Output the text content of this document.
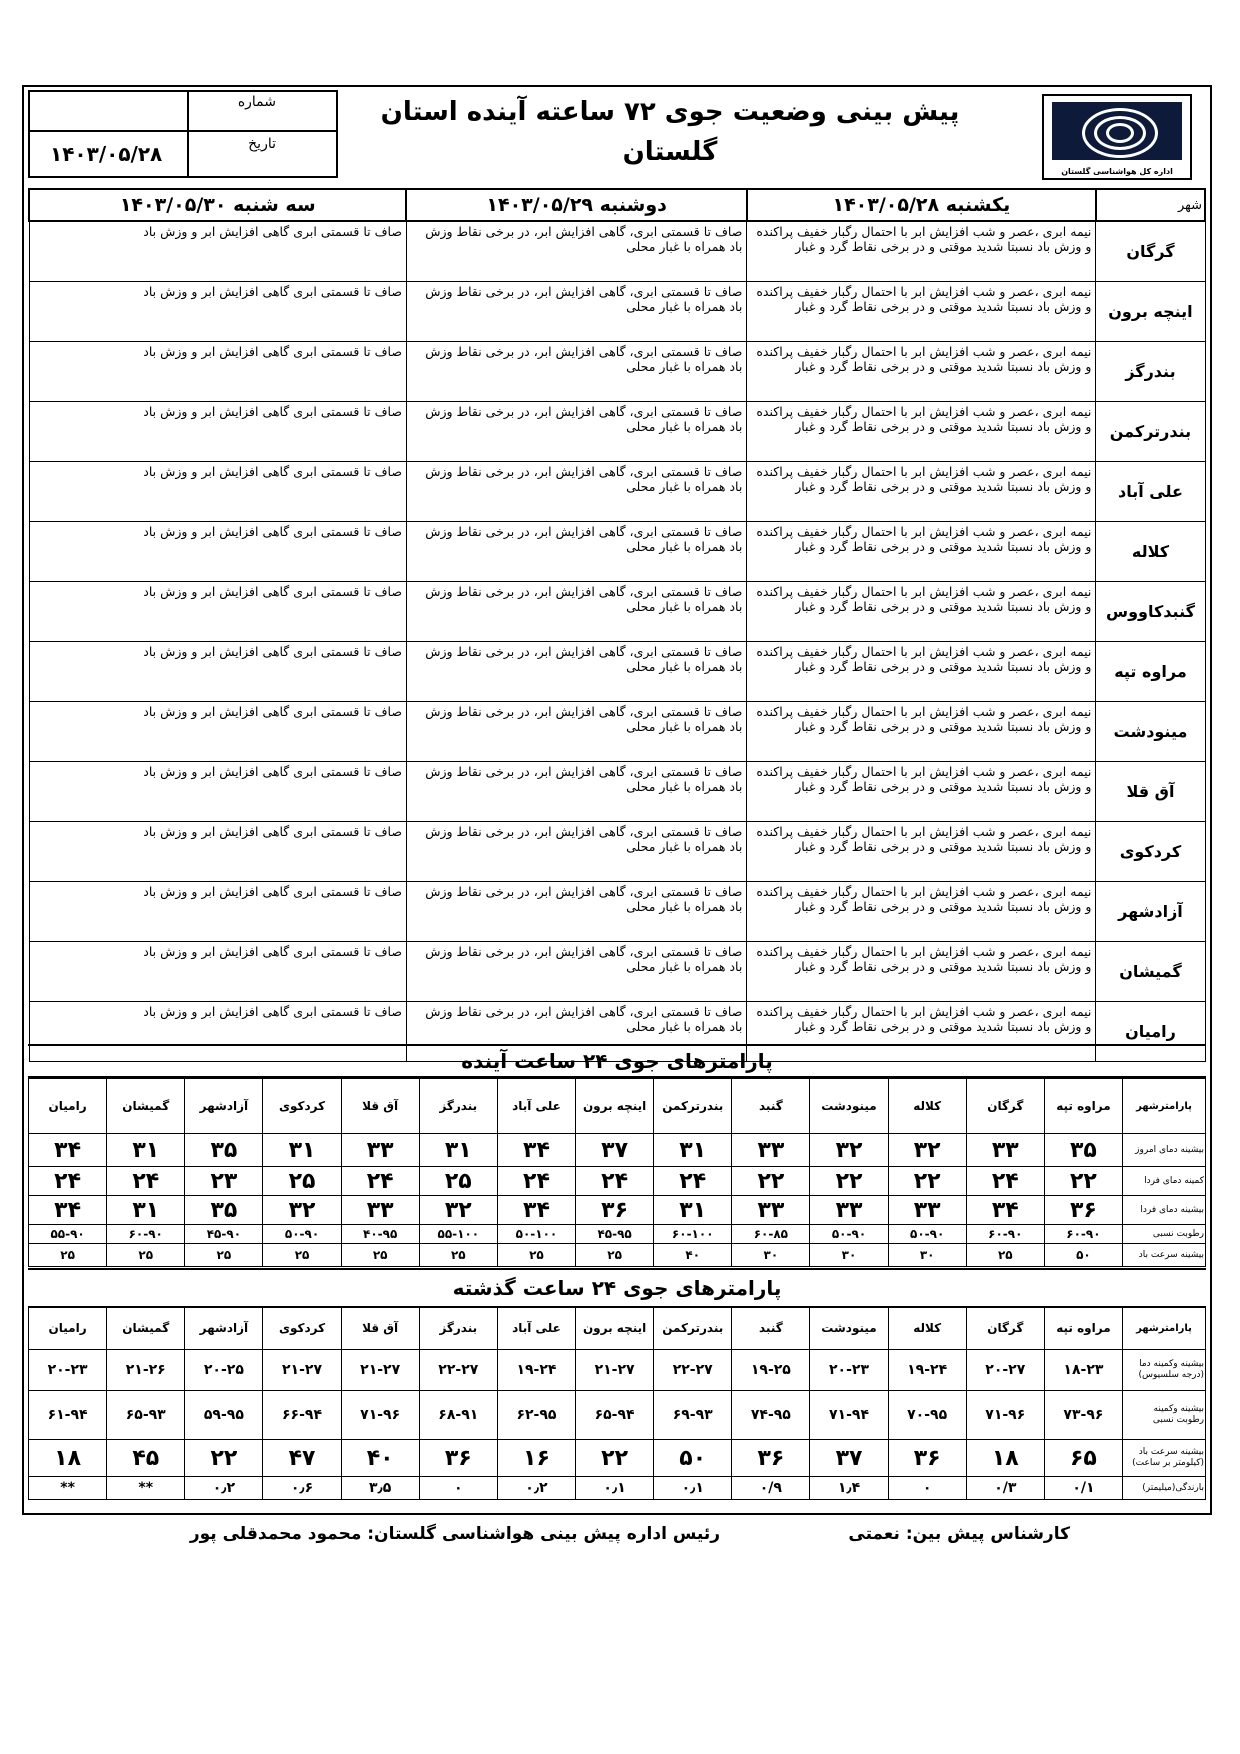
اداره کل هواشناسی گلستان
پیش بینی وضعیت جوی ۷۲ ساعته آینده استان گلستان
شماره
تاریخ
۱۴۰۳/۰۵/۲۸
شهر	یکشنبه ۱۴۰۳/۰۵/۲۸	دوشنبه ۱۴۰۳/۰۵/۲۹	سه شنبه ۱۴۰۳/۰۵/۳۰
گرگان	نیمه ابری ،عصر و شب افزایش ابر با احتمال رگبار خفیف پراکنده و وزش باد نسبتا شدید موقتی و در برخی نقاط گرد و غبار	صاف تا قسمتی ابری، گاهی افزایش ابر، در برخی نقاط وزش باد همراه با غبار محلی	صاف تا قسمتی ابری گاهی افزایش ابر و وزش باد
اینچه برون	نیمه ابری ،عصر و شب افزایش ابر با احتمال رگبار خفیف پراکنده و وزش باد نسبتا شدید موقتی و در برخی نقاط گرد و غبار	صاف تا قسمتی ابری، گاهی افزایش ابر، در برخی نقاط وزش باد همراه با غبار محلی	صاف تا قسمتی ابری گاهی افزایش ابر و وزش باد
بندرگز	نیمه ابری ،عصر و شب افزایش ابر با احتمال رگبار خفیف پراکنده و وزش باد نسبتا شدید موقتی و در برخی نقاط گرد و غبار	صاف تا قسمتی ابری، گاهی افزایش ابر، در برخی نقاط وزش باد همراه با غبار محلی	صاف تا قسمتی ابری گاهی افزایش ابر و وزش باد
بندرترکمن	نیمه ابری ،عصر و شب افزایش ابر با احتمال رگبار خفیف پراکنده و وزش باد نسبتا شدید موقتی و در برخی نقاط گرد و غبار	صاف تا قسمتی ابری، گاهی افزایش ابر، در برخی نقاط وزش باد همراه با غبار محلی	صاف تا قسمتی ابری گاهی افزایش ابر و وزش باد
علی آباد	نیمه ابری ،عصر و شب افزایش ابر با احتمال رگبار خفیف پراکنده و وزش باد نسبتا شدید موقتی و در برخی نقاط گرد و غبار	صاف تا قسمتی ابری، گاهی افزایش ابر، در برخی نقاط وزش باد همراه با غبار محلی	صاف تا قسمتی ابری گاهی افزایش ابر و وزش باد
کلاله	نیمه ابری ،عصر و شب افزایش ابر با احتمال رگبار خفیف پراکنده و وزش باد نسبتا شدید موقتی و در برخی نقاط گرد و غبار	صاف تا قسمتی ابری، گاهی افزایش ابر، در برخی نقاط وزش باد همراه با غبار محلی	صاف تا قسمتی ابری گاهی افزایش ابر و وزش باد
گنبدکاووس	نیمه ابری ،عصر و شب افزایش ابر با احتمال رگبار خفیف پراکنده و وزش باد نسبتا شدید موقتی و در برخی نقاط گرد و غبار	صاف تا قسمتی ابری، گاهی افزایش ابر، در برخی نقاط وزش باد همراه با غبار محلی	صاف تا قسمتی ابری گاهی افزایش ابر و وزش باد
مراوه تپه	نیمه ابری ،عصر و شب افزایش ابر با احتمال رگبار خفیف پراکنده و وزش باد نسبتا شدید موقتی و در برخی نقاط گرد و غبار	صاف تا قسمتی ابری، گاهی افزایش ابر، در برخی نقاط وزش باد همراه با غبار محلی	صاف تا قسمتی ابری گاهی افزایش ابر و وزش باد
مینودشت	نیمه ابری ،عصر و شب افزایش ابر با احتمال رگبار خفیف پراکنده و وزش باد نسبتا شدید موقتی و در برخی نقاط گرد و غبار	صاف تا قسمتی ابری، گاهی افزایش ابر، در برخی نقاط وزش باد همراه با غبار محلی	صاف تا قسمتی ابری گاهی افزایش ابر و وزش باد
آق قلا	نیمه ابری ،عصر و شب افزایش ابر با احتمال رگبار خفیف پراکنده و وزش باد نسبتا شدید موقتی و در برخی نقاط گرد و غبار	صاف تا قسمتی ابری، گاهی افزایش ابر، در برخی نقاط وزش باد همراه با غبار محلی	صاف تا قسمتی ابری گاهی افزایش ابر و وزش باد
کردکوی	نیمه ابری ،عصر و شب افزایش ابر با احتمال رگبار خفیف پراکنده و وزش باد نسبتا شدید موقتی و در برخی نقاط گرد و غبار	صاف تا قسمتی ابری، گاهی افزایش ابر، در برخی نقاط وزش باد همراه با غبار محلی	صاف تا قسمتی ابری گاهی افزایش ابر و وزش باد
آزادشهر	نیمه ابری ،عصر و شب افزایش ابر با احتمال رگبار خفیف پراکنده و وزش باد نسبتا شدید موقتی و در برخی نقاط گرد و غبار	صاف تا قسمتی ابری، گاهی افزایش ابر، در برخی نقاط وزش باد همراه با غبار محلی	صاف تا قسمتی ابری گاهی افزایش ابر و وزش باد
گمیشان	نیمه ابری ،عصر و شب افزایش ابر با احتمال رگبار خفیف پراکنده و وزش باد نسبتا شدید موقتی و در برخی نقاط گرد و غبار	صاف تا قسمتی ابری، گاهی افزایش ابر، در برخی نقاط وزش باد همراه با غبار محلی	صاف تا قسمتی ابری گاهی افزایش ابر و وزش باد
رامیان	نیمه ابری ،عصر و شب افزایش ابر با احتمال رگبار خفیف پراکنده و وزش باد نسبتا شدید موقتی و در برخی نقاط گرد و غبار	صاف تا قسمتی ابری، گاهی افزایش ابر، در برخی نقاط وزش باد همراه با غبار محلی	صاف تا قسمتی ابری گاهی افزایش ابر و وزش باد
پارامترهای جوی ۲۴ ساعت آینده
پارامترشهر	مراوه تپه	گرگان	کلاله	مینودشت	گنبد	بندرترکمن	اینچه برون	علی آباد	بندرگز	آق قلا	کردکوی	آزادشهر	گمیشان	رامیان
بیشینه دمای امروز	۳۵	۳۳	۳۲	۳۲	۳۳	۳۱	۳۷	۳۴	۳۱	۳۳	۳۱	۳۵	۳۱	۳۴
کمینه دمای فردا	۲۲	۲۴	۲۲	۲۲	۲۲	۲۴	۲۴	۲۴	۲۵	۲۴	۲۵	۲۳	۲۴	۲۴
بیشینه دمای فردا	۳۶	۳۴	۳۳	۳۳	۳۳	۳۱	۳۶	۳۴	۳۲	۳۳	۳۲	۳۵	۳۱	۳۴
رطوبت نسبی	۶۰-۹۰	۶۰-۹۰	۵۰-۹۰	۵۰-۹۰	۶۰-۸۵	۶۰-۱۰۰	۴۵-۹۵	۵۰-۱۰۰	۵۵-۱۰۰	۴۰-۹۵	۵۰-۹۰	۴۵-۹۰	۶۰-۹۰	۵۵-۹۰
بیشینه سرعت باد	۵۰	۲۵	۳۰	۳۰	۳۰	۴۰	۲۵	۲۵	۲۵	۲۵	۲۵	۲۵	۲۵	۲۵
پارامترهای جوی ۲۴ ساعت گذشته
پارامترشهر	مراوه تپه	گرگان	کلاله	مینودشت	گنبد	بندرترکمن	اینچه برون	علی آباد	بندرگز	آق قلا	کردکوی	آزادشهر	گمیشان	رامیان
بیشینه وکمینه دما (درجه سلسیوس)	۱۸-۲۳	۲۰-۲۷	۱۹-۲۴	۲۰-۲۳	۱۹-۲۵	۲۲-۲۷	۲۱-۲۷	۱۹-۲۴	۲۲-۲۷	۲۱-۲۷	۲۱-۲۷	۲۰-۲۵	۲۱-۲۶	۲۰-۲۳
بیشینه وکمینه رطوبت نسبی	۷۳-۹۶	۷۱-۹۶	۷۰-۹۵	۷۱-۹۴	۷۴-۹۵	۶۹-۹۳	۶۵-۹۴	۶۲-۹۵	۶۸-۹۱	۷۱-۹۶	۶۶-۹۴	۵۹-۹۵	۶۵-۹۳	۶۱-۹۴
بیشینه سرعت باد (کیلومتر بر ساعت)	۶۵	۱۸	۳۶	۳۷	۳۶	۵۰	۲۲	۱۶	۳۶	۴۰	۴۷	۲۲	۴۵	۱۸
بارندگی(میلیمتر)	۰/۱	۰/۳	۰	۱٫۴	۰/۹	۰٫۱	۰٫۱	۰٫۲	۰	۳٫۵	۰٫۶	۰٫۲	**	**
کارشناس پیش بین: نعمتی
رئیس اداره پیش بینی هواشناسی گلستان: محمود محمدقلی پور
